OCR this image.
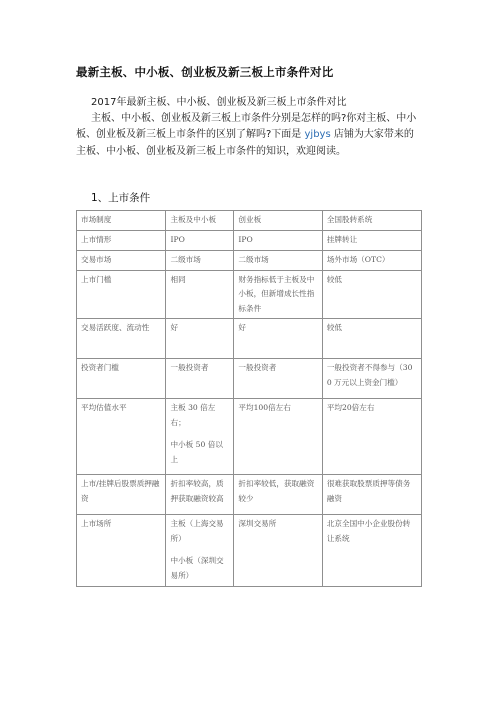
最新主板、中小板、创业板及新三板上市条件对比
2017年最新主板、中小板、创业板及新三板上市条件对比
主板、中小板、创业板及新三板上市条件分别是怎样的吗?你对主板、中小板、创业板及新三板上市条件的区别了解吗?下面是 yjbys 店铺为大家带来的主板、中小板、创业板及新三板上市条件的知识，欢迎阅读。
1、上市条件
市场制度	主板及中小板	创业板	全国股转系统

上市情形	IPO	IPO	挂牌转让

交易市场	二级市场	二级市场	场外市场（OTC）

上市门槛	相同	财务指标低于主板及中小板，但新增成长性指标条件	较低

交易活跃度、流动性	好	好	较低

投资者门槛	一般投资者	一般投资者	一般投资者不得参与（300 万元以上资金门槛）

平均估值水平	主板 30 倍左右；
中小板 50 倍以上	平均100倍左右	平均20倍左右

上市/挂牌后股票质押融资	折扣率较高，质押获取融资较高	折扣率较低，获取融资较少	很难获取股票质押等债务融资

上市场所	主板（上海交易所）
中小板（深圳交易所）	深圳交易所	北京全国中小企业股份转让系统
